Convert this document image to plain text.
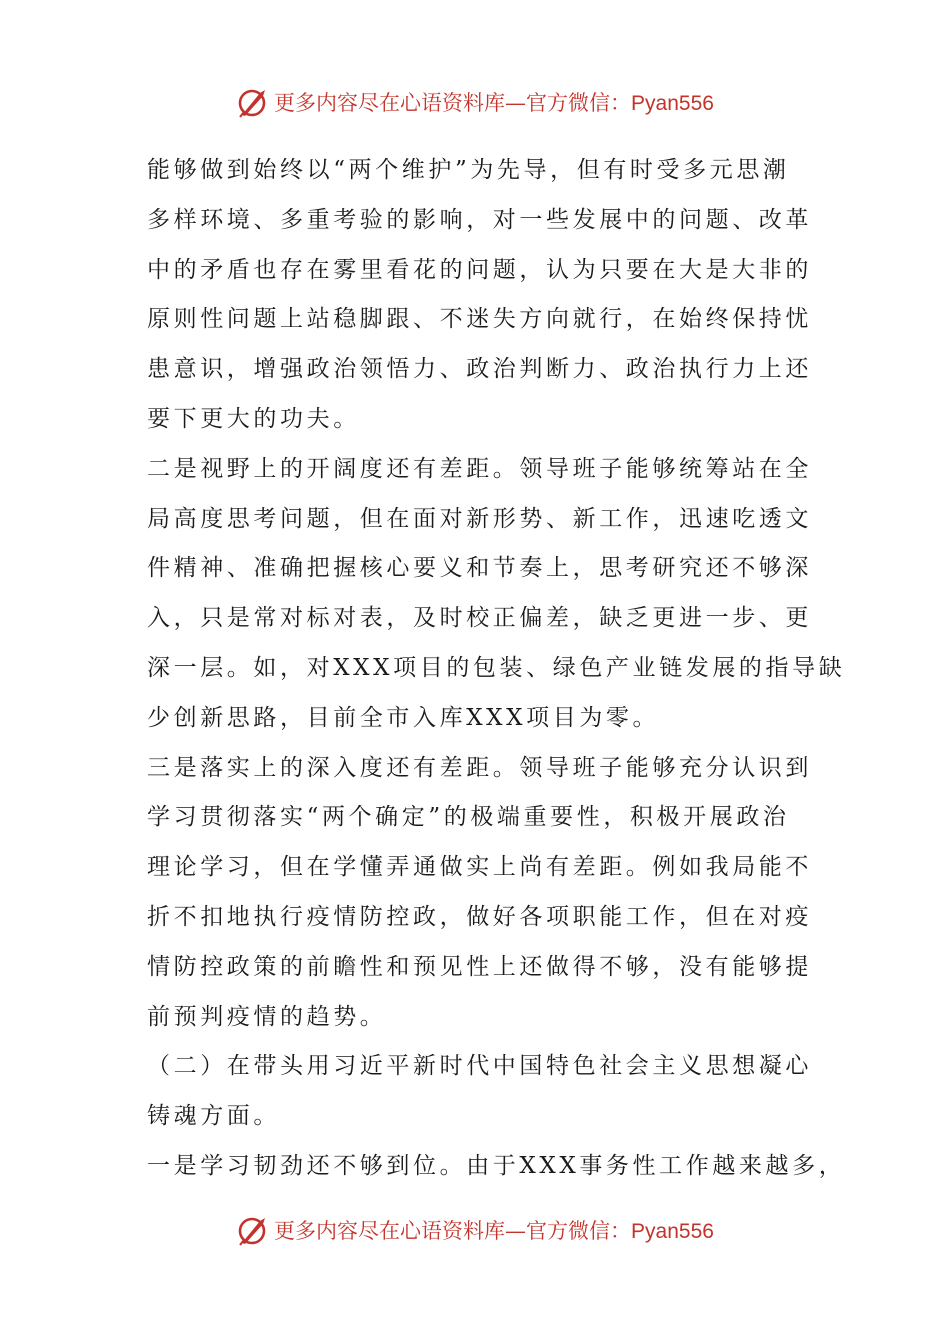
更多内容尽在心语资料库—官方微信：Pyan556

能够做到始终以“两个维护”为先导，但有时受多元思潮
多样环境、多重考验的影响，对一些发展中的问题、改革
中的矛盾也存在雾里看花的问题，认为只要在大是大非的
原则性问题上站稳脚跟、不迷失方向就行，在始终保持忧
患意识，增强政治领悟力、政治判断力、政治执行力上还
要下更大的功夫。

二是视野上的开阔度还有差距。领导班子能够统筹站在全
局高度思考问题，但在面对新形势、新工作，迅速吃透文
件精神、准确把握核心要义和节奏上，思考研究还不够深
入，只是常对标对表，及时校正偏差，缺乏更进一步、更
深一层。如，对XXX项目的包装、绿色产业链发展的指导缺
少创新思路，目前全市入库XXX项目为零。

三是落实上的深入度还有差距。领导班子能够充分认识到
学习贯彻落实“两个确定”的极端重要性，积极开展政治
理论学习，但在学懂弄通做实上尚有差距。例如我局能不
折不扣地执行疫情防控政，做好各项职能工作，但在对疫
情防控政策的前瞻性和预见性上还做得不够，没有能够提
前预判疫情的趋势。

（二）在带头用习近平新时代中国特色社会主义思想凝心
铸魂方面。

一是学习韧劲还不够到位。由于XXX事务性工作越来越多，

更多内容尽在心语资料库—官方微信：Pyan556
